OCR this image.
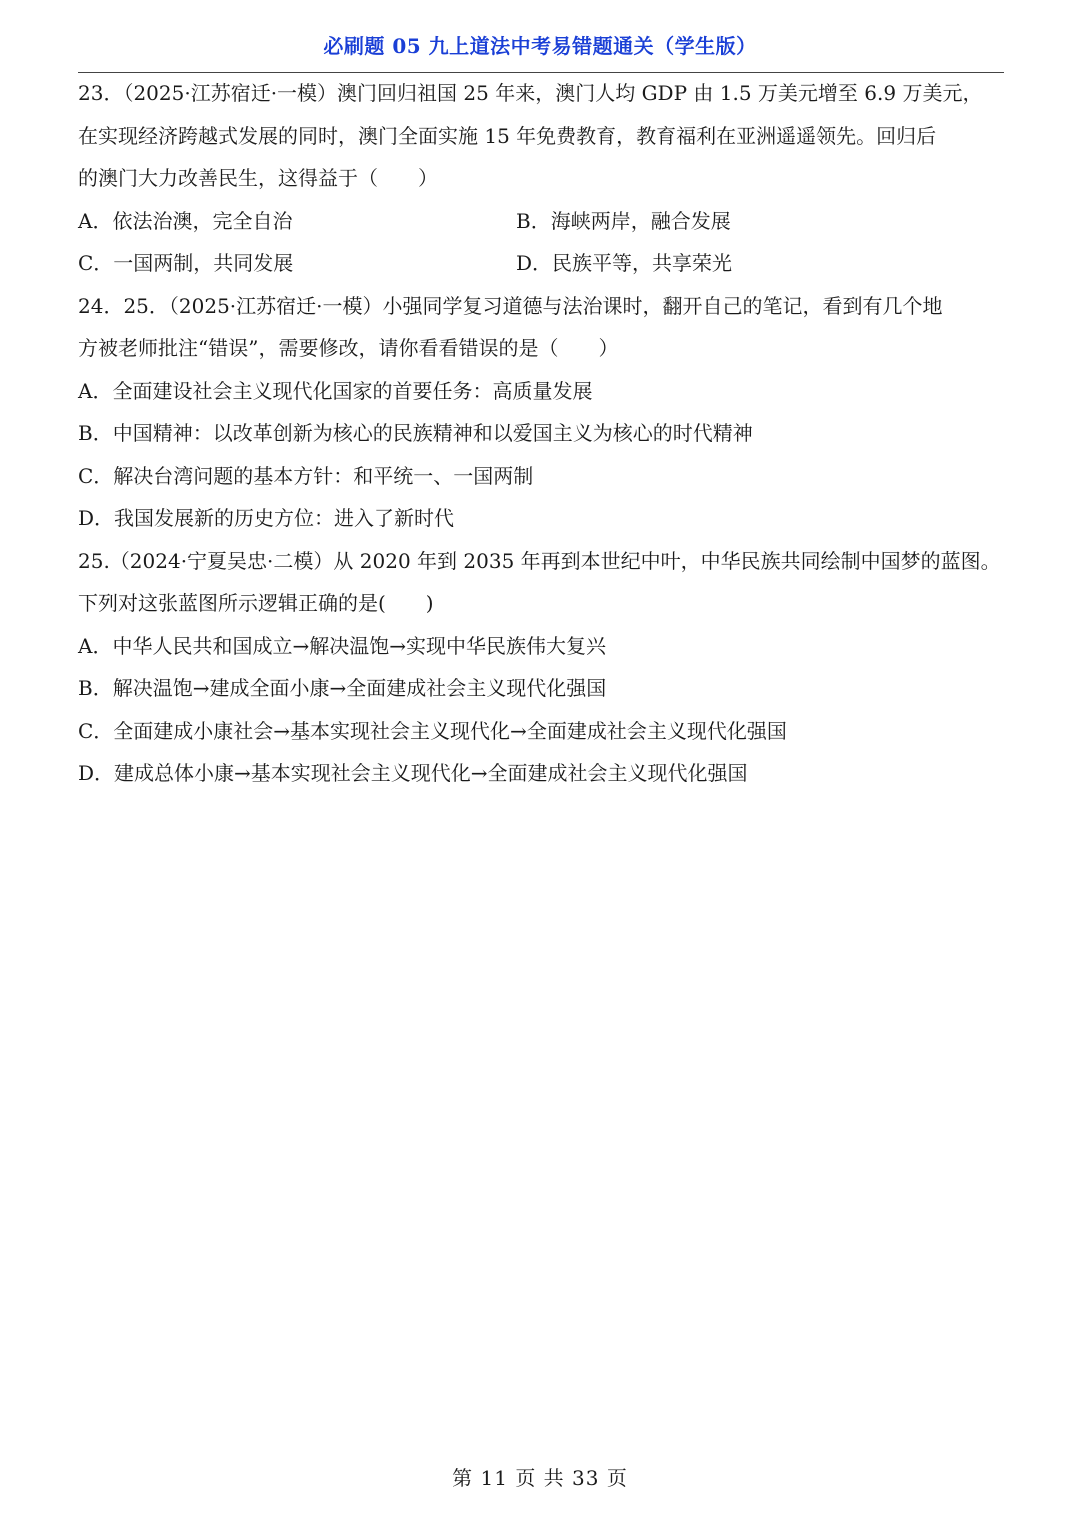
必刷题 05 九上道法中考易错题通关（学生版）
23．（2025·江苏宿迁·一模）澳门回归祖国 25 年来，澳门人均 GDP 由 1.5 万美元增至 6.9 万美元，
在实现经济跨越式发展的同时，澳门全面实施 15 年免费教育，教育福利在亚洲遥遥领先。回归后
的澳门大力改善民生，这得益于（　　）
A．依法治澳，完全自治	B．海峡两岸，融合发展
C．一国两制，共同发展	D．民族平等，共享荣光
24．25．（2025·江苏宿迁·一模）小强同学复习道德与法治课时，翻开自己的笔记，看到有几个地
方被老师批注“错误”，需要修改，请你看看错误的是（　　）
A．全面建设社会主义现代化国家的首要任务：高质量发展
B．中国精神：以改革创新为核心的民族精神和以爱国主义为核心的时代精神
C．解决台湾问题的基本方针：和平统一、一国两制
D．我国发展新的历史方位：进入了新时代
25.（2024·宁夏吴忠·二模）从 2020 年到 2035 年再到本世纪中叶，中华民族共同绘制中国梦的蓝图。
下列对这张蓝图所示逻辑正确的是(　　)
A．中华人民共和国成立→解决温饱→实现中华民族伟大复兴
B．解决温饱→建成全面小康→全面建成社会主义现代化强国
C．全面建成小康社会→基本实现社会主义现代化→全面建成社会主义现代化强国
D．建成总体小康→基本实现社会主义现代化→全面建成社会主义现代化强国
第 11 页 共 33 页
